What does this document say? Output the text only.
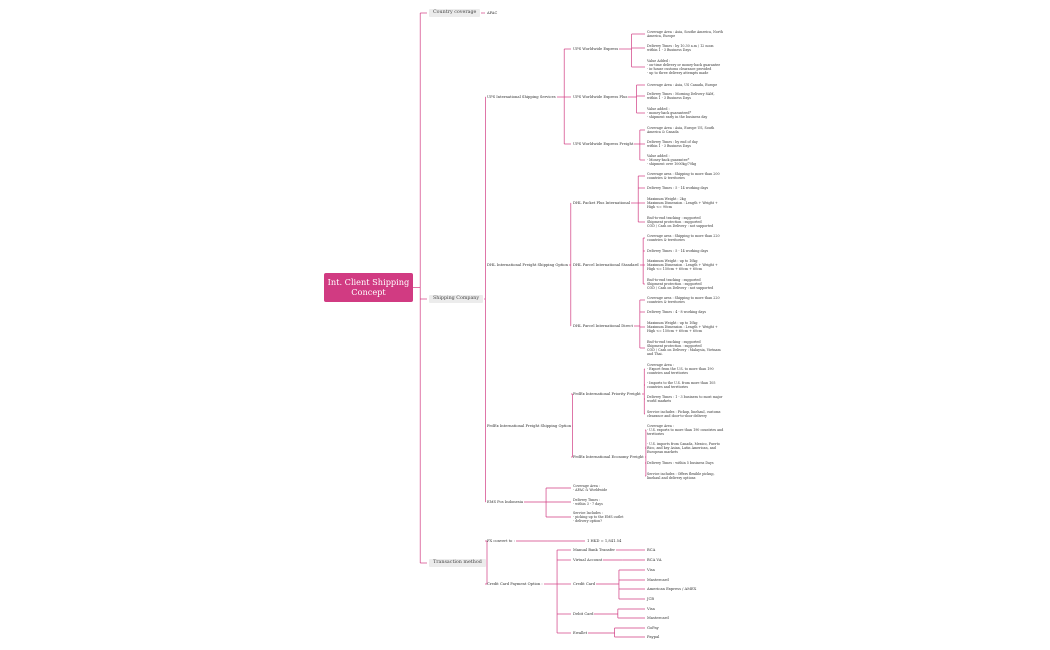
Int. Client Shipping Concept
Country coverage	APAC
Shipping Company
UPS International Shipping Services
UPS Worldwide Express
Coverage Area : Asia, Southe America, North
America, Europe
Delivery Times : by 10.30 a.m / 12 noon
within 1 - 3 Business Days
Value Added :
- on-time delivery or money-back guarantee
- in-house customs clearance provided
- up to three delivery attempts made
UPS Worldwide Express Plus
Coverage Area : Asia, US Canada, Europe
Delivery Times : Morning Delivery 8AM,
within 1 - 3 Business Days
Value added :
- money-back guaranteed*
- shipment early in the business day
UPS Worldwide Express Freight
Coverage Area : Asia, Europe US, South
America & Canada
Delivery Times : by end of day
within 1 - 3 Business Days
Value added :
- Money-back guarantee*
- shipment over 1000kg/70kg
DHL International Freight Shipping Option
DHL Packet Plus International
Coverage area : Shipping to more than 200
countries & territories
Delivery Times : 5 - 14 working days
Maximum Weight : 2kg
Maximum Dimension : Length + Weight +
High <= 90cm
End-to-end tracking : supported
Shipment protection : supported
COD / Cash on Delivery : not supported
DHL Parcel International Standard
Coverage area : Shipping to more than 220
countries & territories
Delivery Times : 5 - 14 working days
Maximum Weight : up to 10kg
Maximum Dimension : Length + Weight +
High <= 150cm + 60cm + 60cm
End-to-end tracking : supported
Shipment protection : supported
COD / Cash on Delivery : not supported
DHL Parcel International Direct
Coverage area : Shipping to more than 220
countries & territories
Delivery Times : 4 - 8 working days
Maximum Weight : up to 10kg
Maximum Dimension : Length + Weight +
High <= 150cm + 60cm + 60cm
End-to-end tracking : supported
Shipment protection : supported
COD / Cash on Delivery : Malaysia, Vietnam
and Thai.
FedEx International Freight Shipping Option
FedEx International Priority Freight
Coverage Area :
- Export from the U.S. to more than 190
countries and territories
- Imports to the U.S. from more than 105
countries and territories
Delivery Times : 1 - 3 business to most major
world markets
Service includes : Pickup, linehaul, customs
clearance and door-to-door delivery
FedEx International Economy Freight
Coverage Area :
- U.S. exports to more than 190 countries and
territories
- U.S. imports from Canada, Mexico, Puerto
Rico, and key Asian, Latin American, and
European markets
Delivery Times : within 5 business Days
Service includes : Offers flexible pickup,
linehaul and delivery options
EMS Pos Indonesia
Coverage Area :
- APAC & Worldwide
Delivery Times :
- within 3 - 7 days
Service Includes :
- picking up to the EMS outlet
- delivery option?
Transaction method
FX convert to :	1 HKD = 1,841.54
Credit Card Payment Option :
Manual Bank Transfer	BCA
Virtual Account	BCA VA
Credit Card
Visa
Mastercard
American Express / AMEX
JCB
Debit Card
Visa
Mastercard
Ewallet
GoPay
Paypal
